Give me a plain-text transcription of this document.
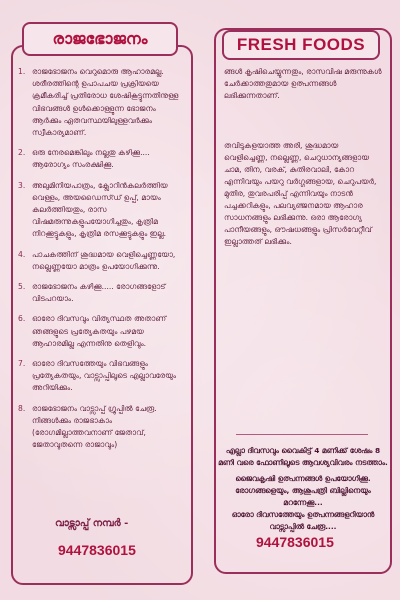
രാജഭോജനം
1. രാജഭോജനം വെറുമൊരു ആഹാരമല്ല. ശരീരത്തിന്റെ ഉപാപചയ പ്രക്രിയയെ ക്രമീകരിച്ച് പ്രതിരോധ ശേഷികൂട്ടുന്നതിനുള്ള വിഭവങ്ങൾ ഉൾക്കൊള്ളുന്ന ഭോജനം ആർക്കും ഏതവസ്ഥയിലുള്ളവർക്കും സ്വീകാര്യമാണ്.
2. ഒരു നേരമെങ്കിലും നല്ലതു കഴിക്കൂ.... ആരോഗ്യം സംരക്ഷിക്കൂ.
3. അലുമിനിയപാത്രം, ക്ലോറിൻകലർത്തിയ വെള്ളം, അയഡൈസ്ഡ് ഉപ്പ്, മായം കലർത്തിയതും, രാസ വിഷമരുന്നുകളുപയോഗിച്ചതും, കൃത്രിമ നിറക്കൂട്ടുകളും, കൃത്രിമ രസക്കൂട്ടുകളും ഇല്ല.
4. പാചകത്തിന് ശുദ്ധമായ വെളിച്ചെണ്ണയോ, നല്ലെണ്ണയോ മാത്രം ഉപയോഗിക്കുന്നു.
5. രാജഭോജനം കഴിക്കൂ..... രോഗങ്ങളോട് വിടപറയാം.
6. ഓരോ ദിവസവും വിത്യസ്ഥത അതാണ് ഞങ്ങളുടെ പ്രത്യേകതയും പഴമയ ആഹാരമില്ല എന്നതിനു തെളിവും.
7. ഓരോ ദിവസത്തേയും വിഭവങ്ങളും പ്രത്യേകതയും, വാട്സാപ്പിലൂടെ എല്ലാവരേയും അറിയിക്കും.
8. രാജഭോജനം വാട്സാപ്പ് ഗ്രൂപ്പിൽ ചേരൂ. നിങ്ങൾക്കും രാജഭാകാം (രോഗമില്ലാത്തവനാണ് ജേതാവ്, ജേതാവുതന്നെ രാജാവും)
വാട്സാപ്പ് നമ്പർ -
9447836015
FRESH FOODS
ങ്ങൾ കൃഷിചെയ്യുന്നതും, രാസവിഷ മരുന്നുകൾ ചേർക്കാത്തതുമായ ഉത്പന്നങ്ങൾ ലഭിക്കുന്നതാണ്.
തവിടുകളയാത്ത അരി, ശുദ്ധമായ വെളിച്ചെണ്ണ, നല്ലെണ്ണ, ചെറുധാന്യങ്ങളായ ചാമ, തിന, വരക്, കുതിരവാലി, കോറ എന്നിവയും പയറു വർഗ്ഗങ്ങളായ, ചെറുപയർ, മുതിര, തുവരപരിപ്പ് എന്നിവയും നാടൻ പച്ചക്കറികളും, പലവ്യഞ്ജനമായ ആഹാര സാധനങ്ങളും ലഭിക്കുന്നു. ഒരാ ആരോഗ്യ പാനീയങ്ങളും, ഔഷധങ്ങളും പ്രിസർവേറ്റീവ് ഇല്ലാത്തത് ലഭിക്കും.
എല്ലാ ദിവസവും വൈകിട്ട് 4 മണിക്ക് ശേഷം 8 മണി വരെ ഫോണിലൂടെ ആവശ്യവിവരം നടത്താം.
ജൈവകൃഷി ഉത്പന്നങ്ങൾ ഉപയോഗിക്കൂ. രോഗങ്ങളെയും, ആശുപത്രി ബില്ലിനെയും മറന്നേക്കൂ...
ഓരോ ദിവസത്തേയും ഉത്പന്നങ്ങളറിയാൻ വാട്സാപ്പിൽ ചേരൂ....
9447836015
